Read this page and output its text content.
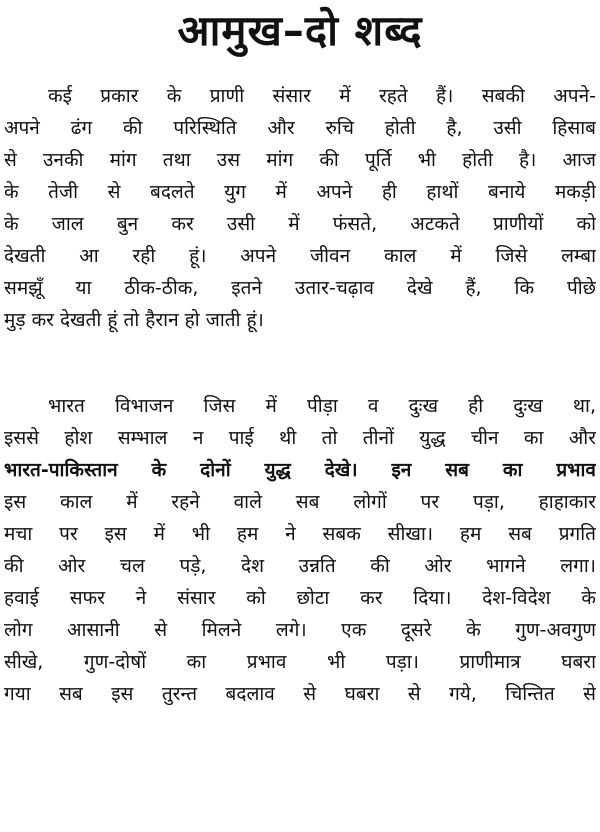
आमुख–दो शब्द
कई प्रकार के प्राणी संसार में रहते हैं। सबकी अपने-
अपने ढंग की परिस्थिति और रुचि होती है, उसी हिसाब
से उनकी मांग तथा उस मांग की पूर्ति भी होती है। आज
के तेजी से बदलते युग में अपने ही हाथों बनाये मकड़ी
के जाल बुन कर उसी में फंसते, अटकते प्राणीयों को
देखती आ रही हूं। अपने जीवन काल में जिसे लम्बा
समझूँ या ठीक-ठीक, इतने उतार-चढ़ाव देखे हैं, कि पीछे
मुड़ कर देखती हूं तो हैरान हो जाती हूं।
भारत विभाजन जिस में पीड़ा व दुःख ही दुःख था,
इससे होश सम्भाल न पाई थी तो तीनों युद्ध चीन का और
भारत-पाकिस्तान के दोनों युद्ध देखे। इन सब का प्रभाव
इस काल में रहने वाले सब लोगों पर पड़ा, हाहाकार
मचा पर इस में भी हम ने सबक सीखा। हम सब प्रगति
की ओर चल पड़े, देश उन्नति की ओर भागने लगा।
हवाई सफर ने संसार को छोटा कर दिया। देश-विदेश के
लोग आसानी से मिलने लगे। एक दूसरे के गुण-अवगुण
सीखे, गुण-दोषों का प्रभाव भी पड़ा। प्राणीमात्र घबरा
गया सब इस तुरन्त बदलाव से घबरा से गये, चिन्तित से
